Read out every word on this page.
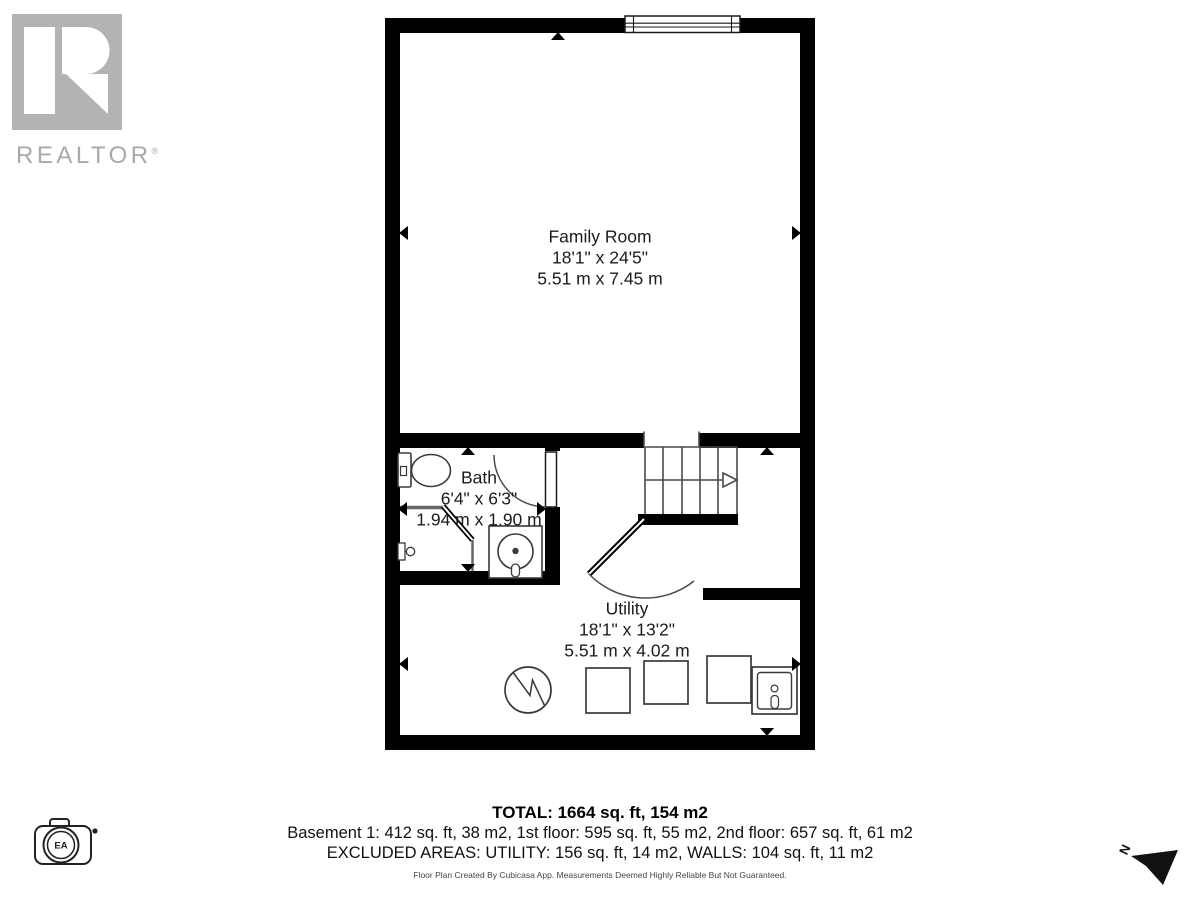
REALTOR®
Family Room
18'1" x 24'5"
5.51 m x 7.45 m
Bath
6'4" x 6'3"
1.94 m x 1.90 m
Utility
18'1" x 13'2"
5.51 m x 4.02 m
TOTAL: 1664 sq. ft, 154 m2
Basement 1: 412 sq. ft, 38 m2, 1st floor: 595 sq. ft, 55 m2, 2nd floor: 657 sq. ft, 61 m2
EXCLUDED AREAS: UTILITY: 156 sq. ft, 14 m2, WALLS: 104 sq. ft, 11 m2
Floor Plan Created By Cubicasa App. Measurements Deemed Highly Reliable But Not Guaranteed.
EA	N
